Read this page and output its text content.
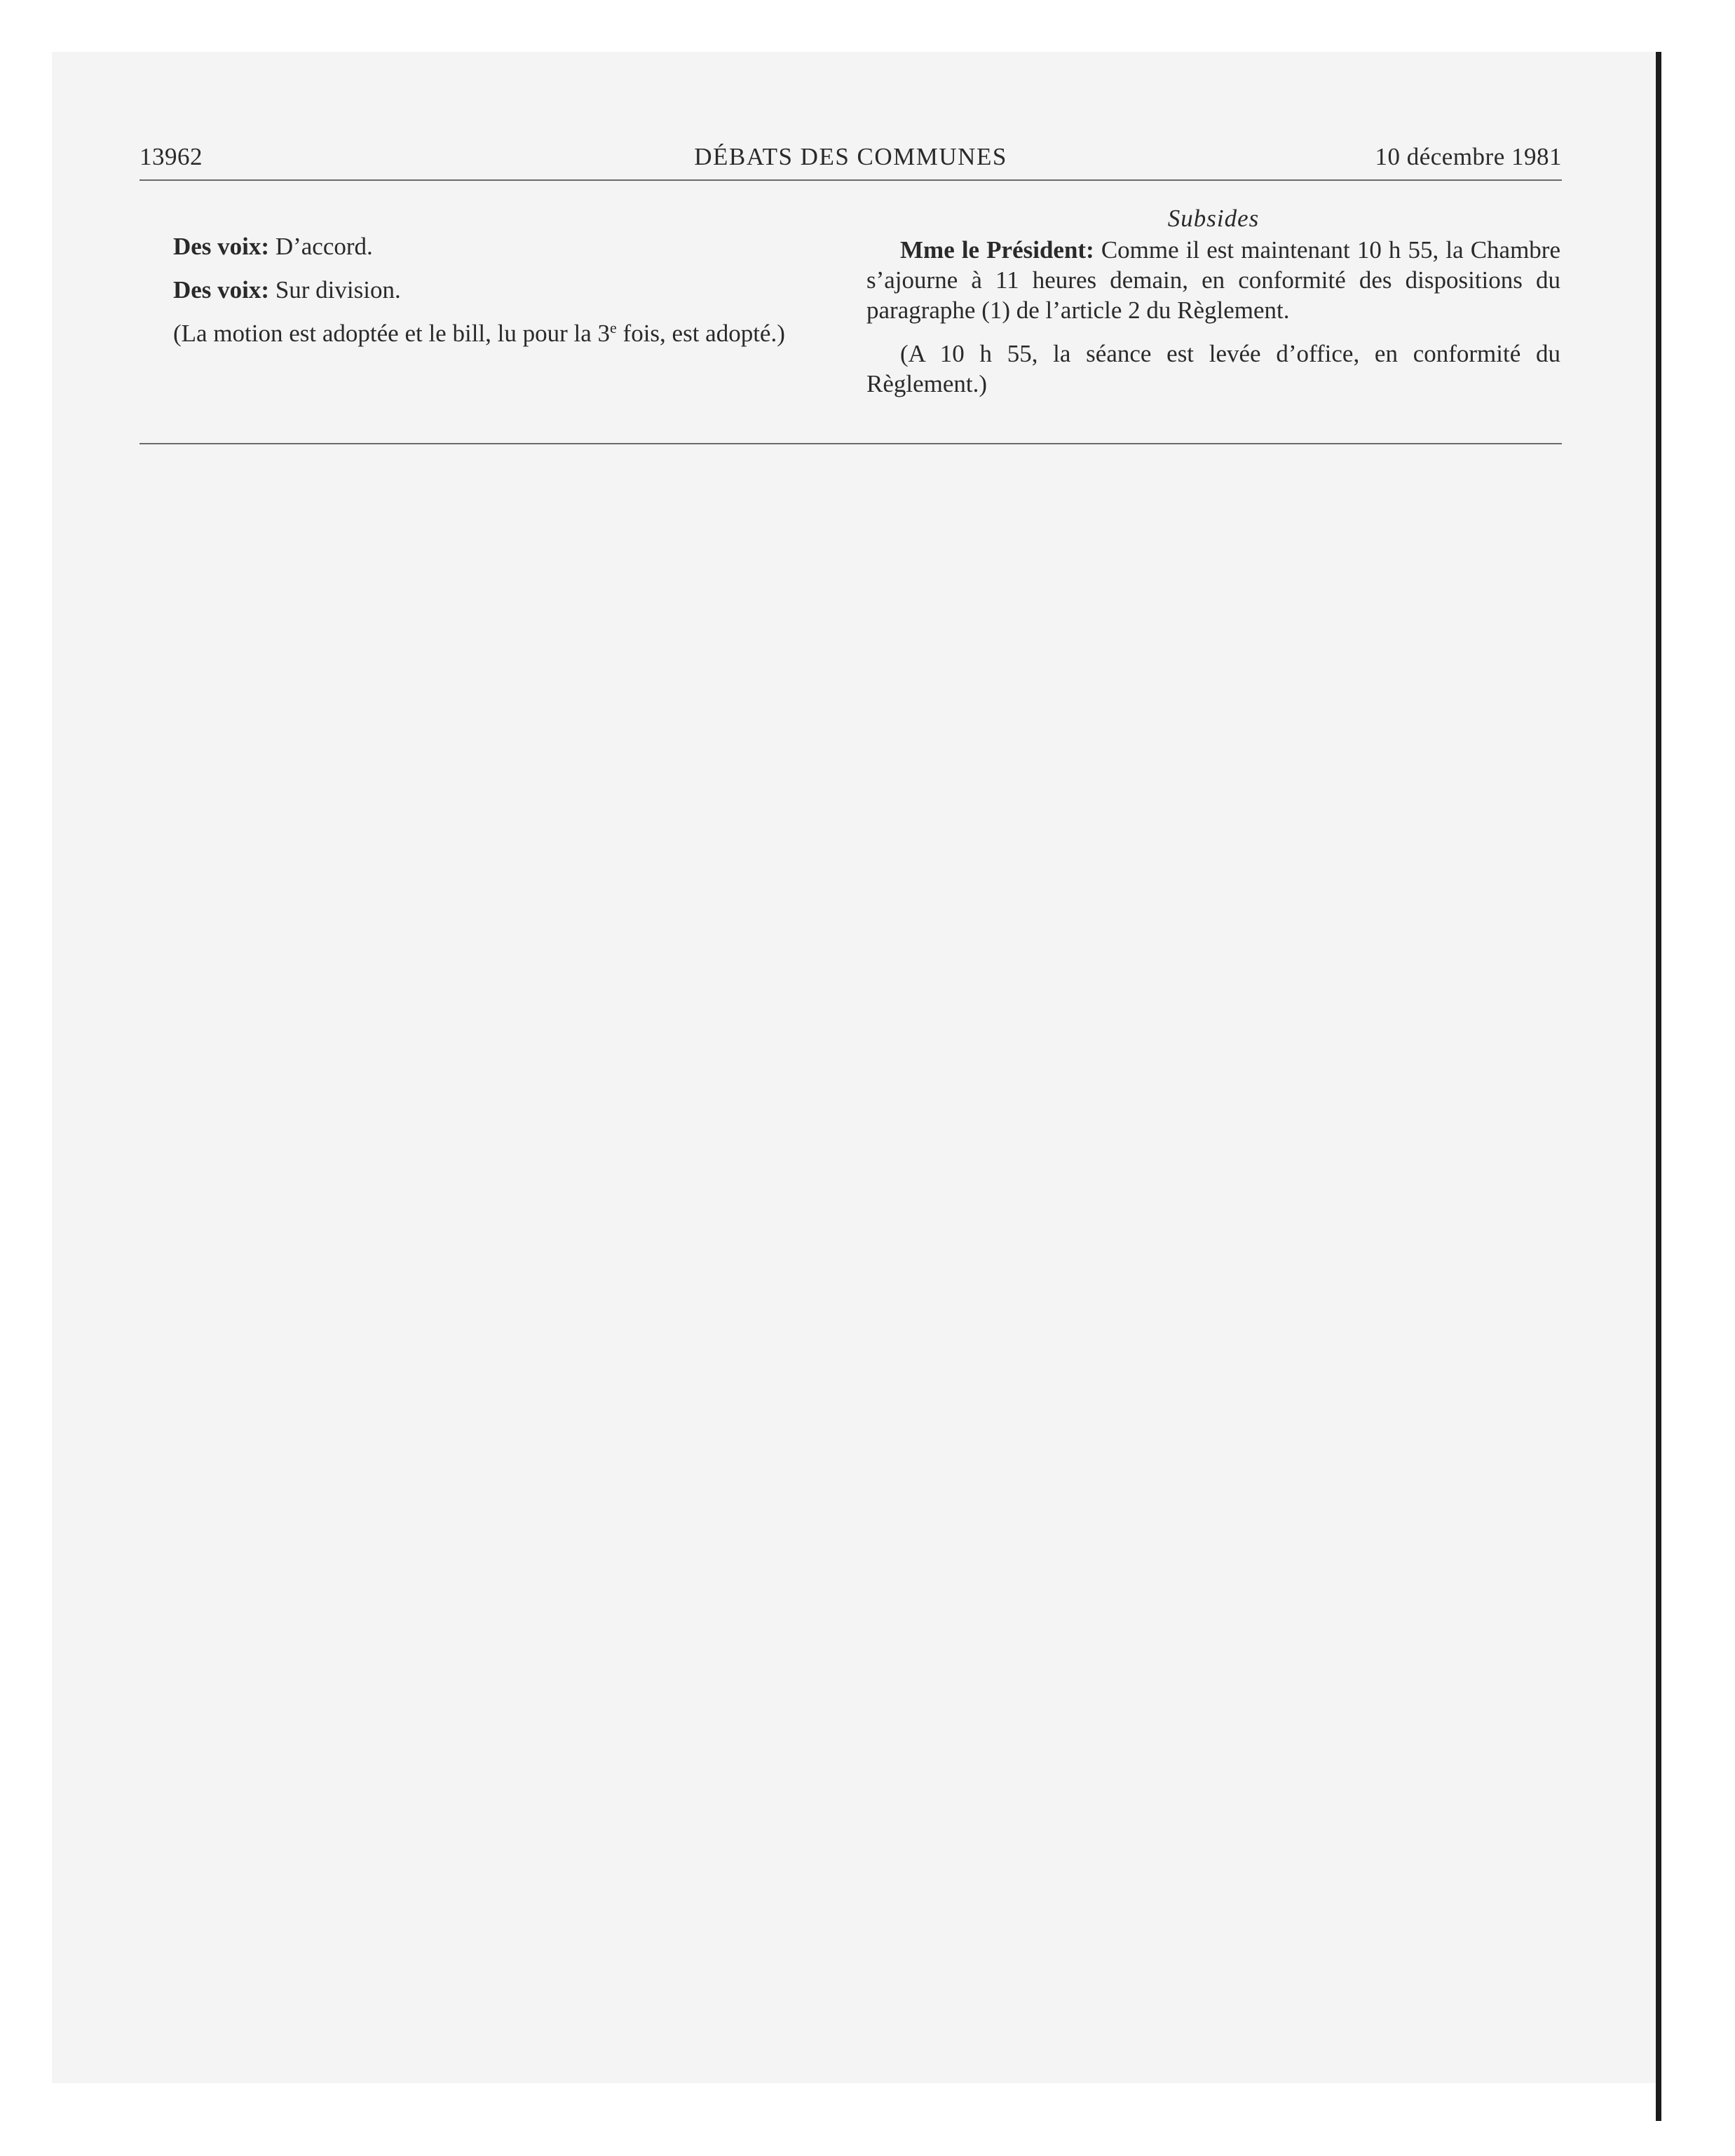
13962	DÉBATS DES COMMUNES	10 décembre 1981

Des voix: D’accord.

Des voix: Sur division.

(La motion est adoptée et le bill, lu pour la 3e fois, est adopté.)

Subsides

Mme le Président: Comme il est maintenant 10 h 55, la Chambre s’ajourne à 11 heures demain, en conformité des dispositions du paragraphe (1) de l’article 2 du Règlement.

(A 10 h 55, la séance est levée d’office, en conformité du Règlement.)
